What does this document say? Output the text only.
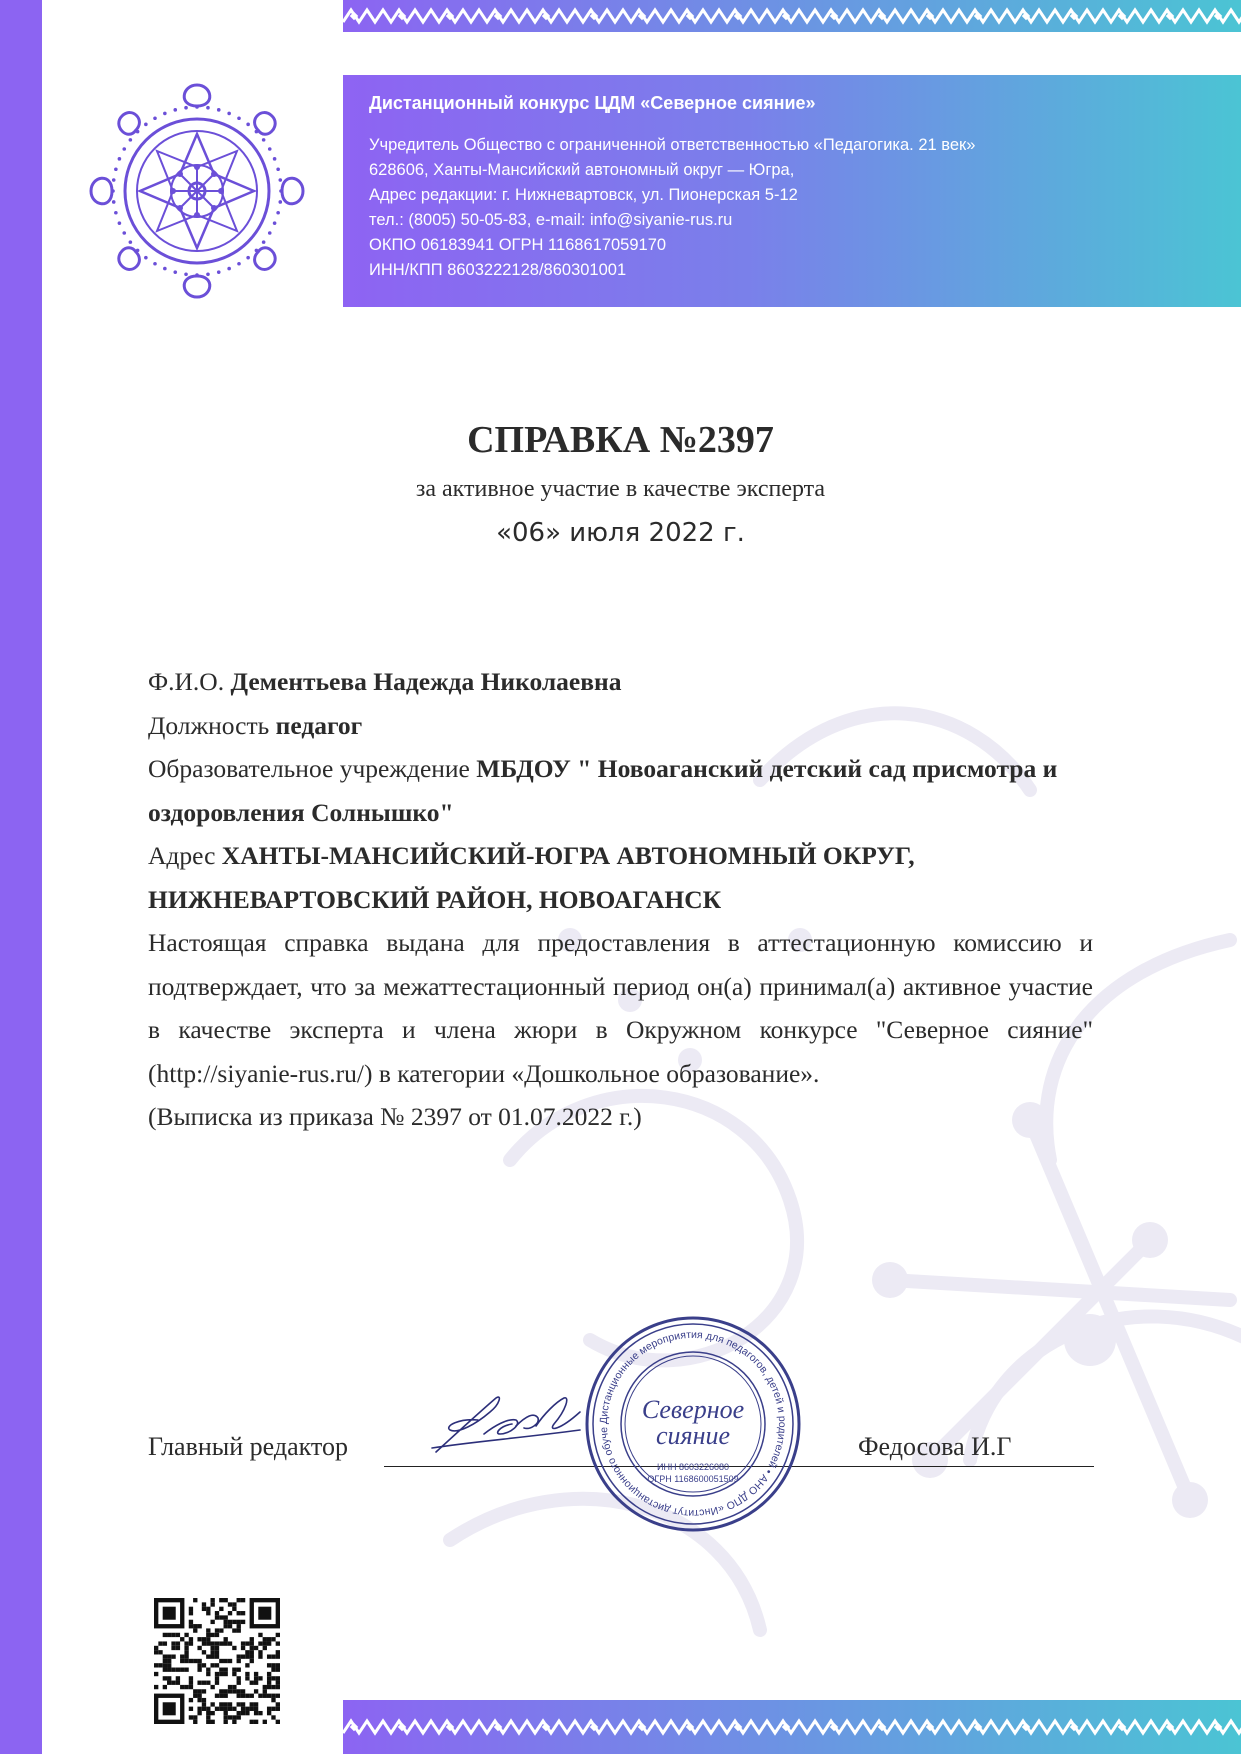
Дистанционный конкурс ЦДМ «Северное сияние»
Учредитель Общество с ограниченной ответственностью «Педагогика. 21 век»
628606, Ханты-Мансийский автономный округ — Югра,
Адрес редакции: г. Нижневартовск, ул. Пионерская 5-12
тел.: (8005) 50-05-83, e-mail: info@siyanie-rus.ru
ОКПО 06183941 ОГРН 1168617059170
ИНН/КПП 8603222128/860301001
СПРАВКА №2397
за активное участие в качестве эксперта
«06» июля 2022 г.

Ф.И.О. Дементьева Надежда Николаевна

Должность педагог

Образовательное учреждение МБДОУ " Новоаганский детский сад присмотра и оздоровления Солнышко"

Адрес ХАНТЫ-МАНСИЙСКИЙ-ЮГРА АВТОНОМНЫЙ ОКРУГ, НИЖНЕВАРТОВСКИЙ РАЙОН, НОВОАГАНСК

Настоящая справка выдана для предоставления в аттестационную комиссию и подтверждает, что за межаттестационный период он(а) принимал(а) активное участие в качестве эксперта и члена жюри в Окружном конкурсе "Северное сияние" (http://siyanie-rus.ru/) в категории «Дошкольное образование».

(Выписка из приказа № 2397 от 01.07.2022 г.)

Главный редактор	Федосова И.Г
Дистанционные мероприятия для педагогов, детей и родителей • АНО ДПО «Институт дистанционного обуче
Северное
сияние
ИНН 8603226080
ОГРН 1168600051509
